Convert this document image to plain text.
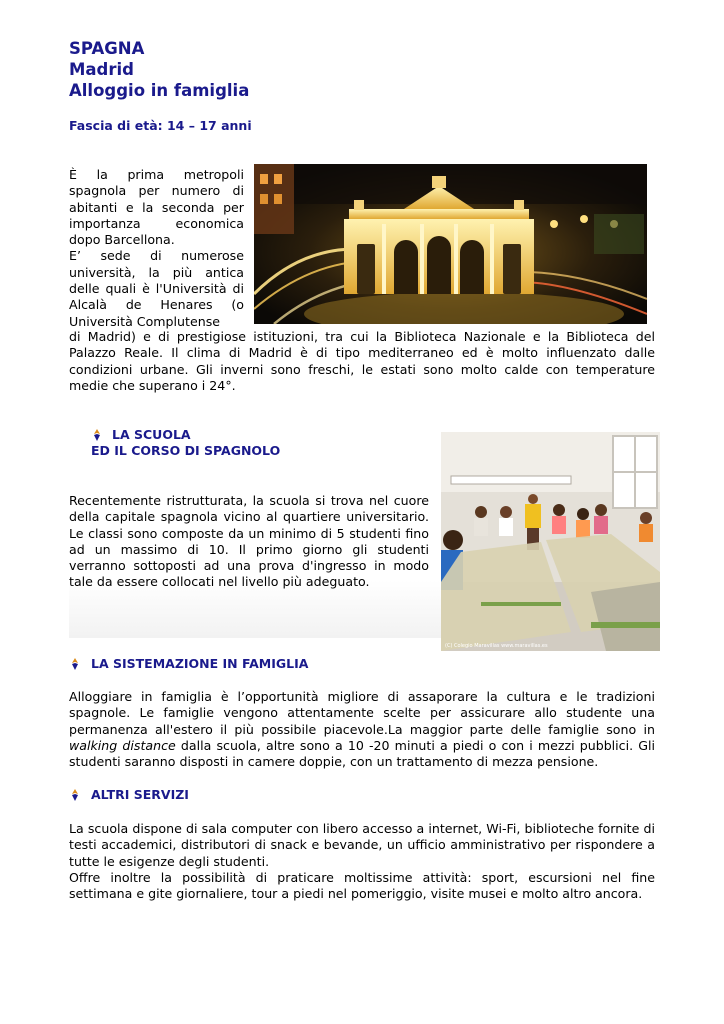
SPAGNA
Madrid
Alloggio in famiglia
Fascia di età: 14 – 17 anni
È la prima metropoli spagnola per numero di abitanti e la seconda per importanza economica dopo Barcellona.
E’ sede di numerose università, la più antica delle quali è l'Università di Alcalà de Henares (o Università Complutense
di Madrid) e di prestigiose istituzioni, tra cui la Biblioteca Nazionale e la Biblioteca del Palazzo Reale. Il clima di Madrid è di tipo mediterraneo ed è molto influenzato dalle condizioni urbane. Gli inverni sono freschi, le estati sono molto calde con temperature medie che superano i 24°.
LA SCUOLA
ED IL CORSO DI SPAGNOLO
Recentemente ristrutturata, la scuola si trova nel cuore della capitale spagnola vicino al quartiere universitario. Le classi sono composte da un minimo di 5 studenti fino ad un massimo di 10. Il primo giorno gli studenti verranno sottoposti ad una prova d'ingresso in modo tale da essere collocati nel livello più adeguato.
(C) Colegio Maravillas www.maravillas.es
LA SISTEMAZIONE IN FAMIGLIA
Alloggiare in famiglia è l’opportunità migliore di assaporare la cultura e le tradizioni spagnole. Le famiglie vengono attentamente scelte per assicurare allo studente una permanenza all'estero il più possibile piacevole.La maggior parte delle famiglie sono in walking distance dalla scuola, altre sono a 10 -20 minuti a piedi o con i mezzi pubblici. Gli studenti saranno disposti in camere doppie, con un trattamento di mezza pensione.
ALTRI SERVIZI
La scuola dispone di sala computer con libero accesso a internet, Wi-Fi, biblioteche fornite di testi accademici, distributori di snack e bevande, un ufficio amministrativo per rispondere a tutte le esigenze degli studenti.
Offre inoltre la possibilità di praticare moltissime attività: sport, escursioni nel fine settimana e gite giornaliere, tour a piedi nel pomeriggio, visite musei e molto altro ancora.
